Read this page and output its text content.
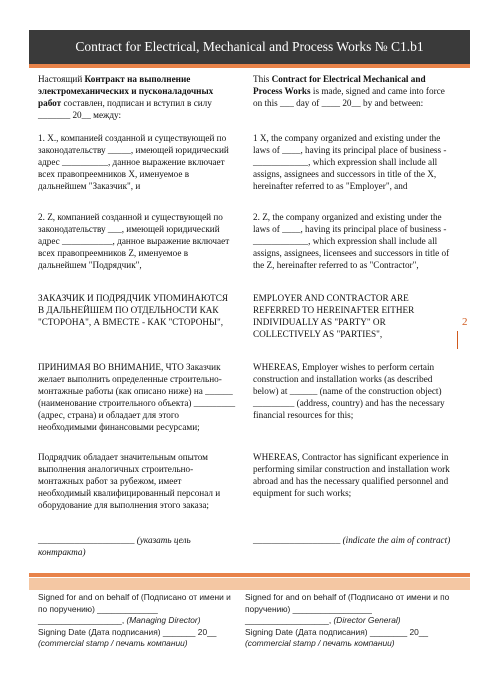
Contract for Electrical, Mechanical and Process Works № C1.b1
2

Настоящий Контракт на выполнение электромеханических и пусконаладочных работ составлен, подписан и вступил в силу _______ 20__ между:

1. Х., компанией созданной и существующей по законодательству _____, имеющей юридический адрес __________, данное выражение включает всех правопреемников Х, именуемое в дальнейшем "Заказчик", и

2. Z, компанией созданной и существующей по законодательству ___, имеющей юридический адрес ___________, данное выражение включает всех правопреемников Z, именуемое в дальнейшем "Подрядчик",

ЗАКАЗЧИК И ПОДРЯДЧИК УПОМИНАЮТСЯ В ДАЛЬНЕЙШЕМ ПО ОТДЕЛЬНОСТИ КАК "СТОРОНА", А ВМЕСТЕ - КАК "СТОРОНЫ",

ПРИНИМАЯ ВО ВНИМАНИЕ, ЧТО Заказчик желает выполнить определенные строительно-монтажные работы (как описано ниже) на ______ (наименование строительного объекта) _________ (адрес, страна) и обладает для этого необходимыми финансовыми ресурсами;

Подрядчик обладает значительным опытом выполнения аналогичных строительно-монтажных работ за рубежом, имеет необходимый квалифицированный персонал и оборудование для выполнения этого заказа;

_____________________ (указать цель контракта)

This Contract for Electrical Mechanical and Process Works is made, signed and came into force on this ___ day of ____ 20__ by and between:

1 X, the company organized and existing under the laws of ____, having its principal place of business - ____________, which expression shall include all assigns, assignees and successors in title of the X, hereinafter referred to as "Employer", and

2. Z, the company organized and existing under the laws of ____, having its principal place of business - ____________, which expression shall include all assigns, assignees, licensees and successors in title of the Z, hereinafter referred to as "Contractor",

EMPLOYER AND CONTRACTOR ARE REFERRED TO HEREINAFTER EITHER INDIVIDUALLY AS "PARTY" OR COLLECTIVELY AS "PARTIES",

WHEREAS, Employer wishes to perform certain construction and installation works (as described below) at ______ (name of the construction object) _________ (address, country) and has the necessary financial resources for this;

WHEREAS, Contractor has significant experience in performing similar construction and installation work abroad and has the necessary qualified personnel and equipment for such works;

___________________ (indicate the aim of contract)

Signed for and on behalf of (Подписано от имени и по поручению) _____________

__________________, (Managing Director)

Signing Date (Дата подписания) _______ 20__

(commercial stamp / печать компании)

Signed for and on behalf of (Подписано от имени и по поручению) _________________

__________________, (Director General)

Signing Date (Дата подписания) ________ 20__

(commercial stamp / печать компании)
